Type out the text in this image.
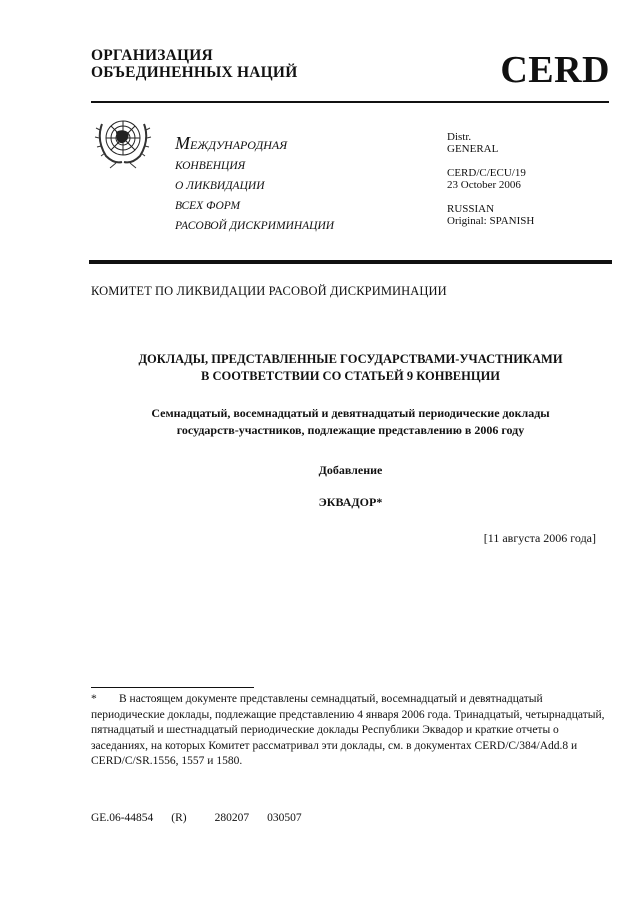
ОРГАНИЗАЦИЯ
ОБЪЕДИНЕННЫХ НАЦИЙ	CERD
МЕЖДУНАРОДНАЯ
КОНВЕНЦИЯ
О ЛИКВИДАЦИИ
ВСЕХ ФОРМ
РАСОВОЙ ДИСКРИМИНАЦИИ
Distr.
GENERAL
CERD/C/ECU/19
23 October 2006
RUSSIAN
Original: SPANISH
КОМИТЕТ ПО ЛИКВИДАЦИИ РАСОВОЙ ДИСКРИМИНАЦИИ
ДОКЛАДЫ, ПРЕДСТАВЛЕННЫЕ ГОСУДАРСТВАМИ-УЧАСТНИКАМИ
В СООТВЕТСТВИИ СО СТАТЬЕЙ 9 КОНВЕНЦИИ
Семнадцатый, восемнадцатый и девятнадцатый периодические доклады
государств-участников, подлежащие представлению в 2006 году
Добавление
ЭКВАДОР*
[11 августа 2006 года]
* В настоящем документе представлены семнадцатый, восемнадцатый и девятнадцатый периодические доклады, подлежащие представлению 4 января 2006 года. Тринадцатый, четырнадцатый, пятнадцатый и шестнадцатый периодические доклады Республики Эквадор и краткие отчеты о заседаниях, на которых Комитет рассматривал эти доклады, см. в документах CERD/C/384/Add.8 и CERD/C/SR.1556, 1557 и 1580.
GE.06-44854 (R) 280207 030507
